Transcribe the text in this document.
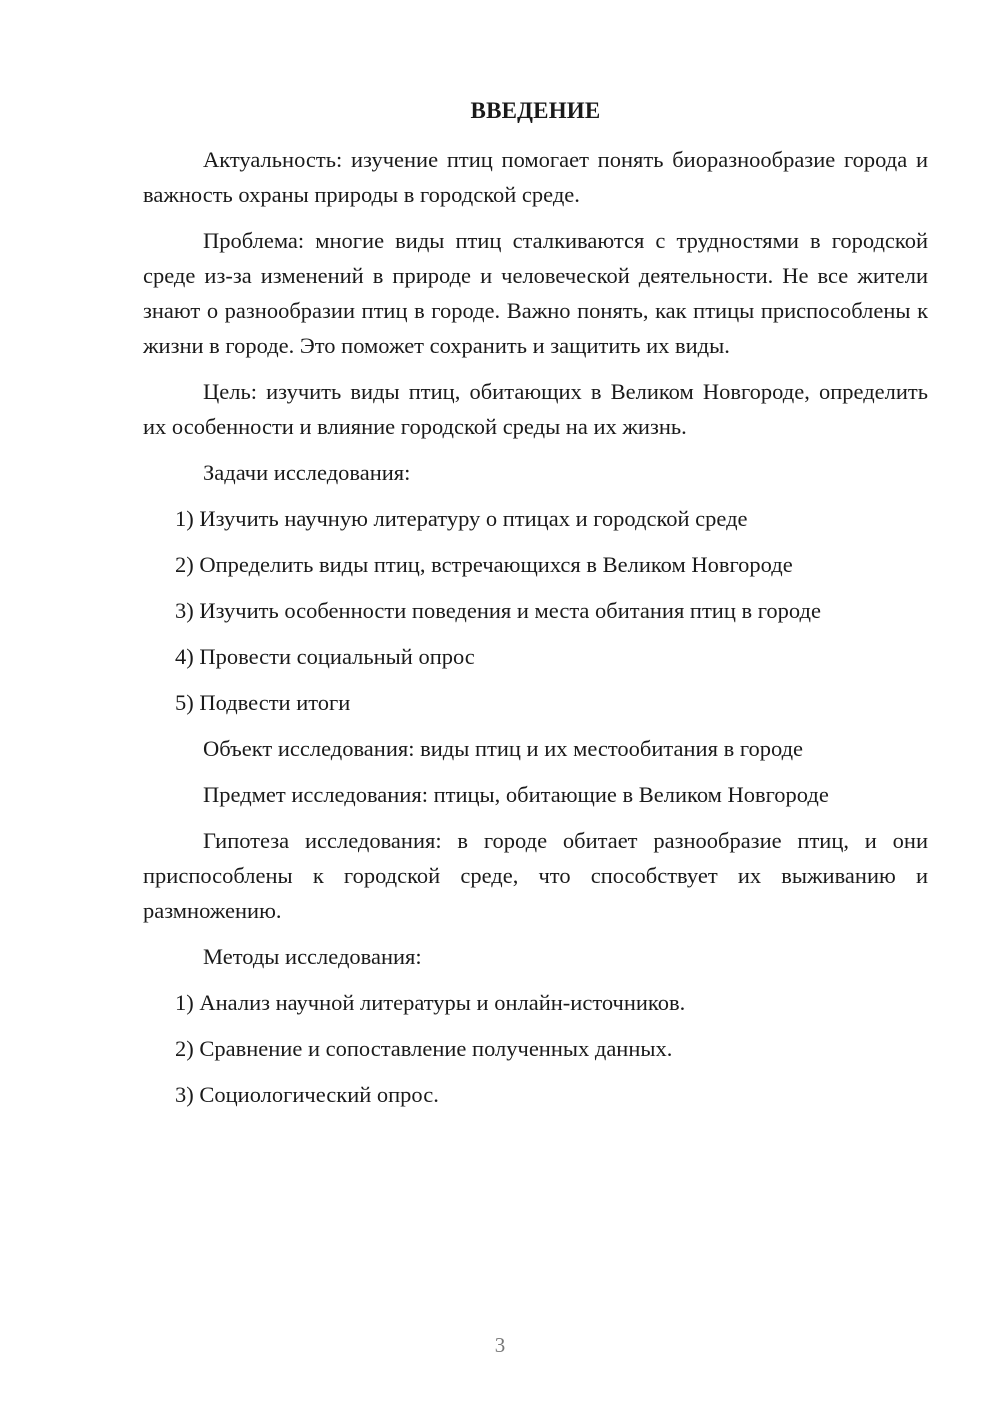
ВВЕДЕНИЕ

Актуальность: изучение птиц помогает понять биоразнообразие города и важность охраны природы в городской среде.

Проблема: многие виды птиц сталкиваются с трудностями в городской среде из-за изменений в природе и человеческой деятельности. Не все жители знают о разнообразии птиц в городе. Важно понять, как птицы приспособлены к жизни в городе. Это поможет сохранить и защитить их виды.

Цель: изучить виды птиц, обитающих в Великом Новгороде, определить их особенности и влияние городской среды на их жизнь.

Задачи исследования:

1) Изучить научную литературу о птицах и городской среде

2) Определить виды птиц, встречающихся в Великом Новгороде

3) Изучить особенности поведения и места обитания птиц в городе

4) Провести социальный опрос

5) Подвести итоги

Объект исследования: виды птиц и их местообитания в городе

Предмет исследования: птицы, обитающие в Великом Новгороде

Гипотеза исследования: в городе обитает разнообразие птиц, и они приспособлены к городской среде, что способствует их выживанию и размножению.

Методы исследования:

1) Анализ научной литературы и онлайн-источников.

2) Сравнение и сопоставление полученных данных.

3) Социологический опрос.

3
